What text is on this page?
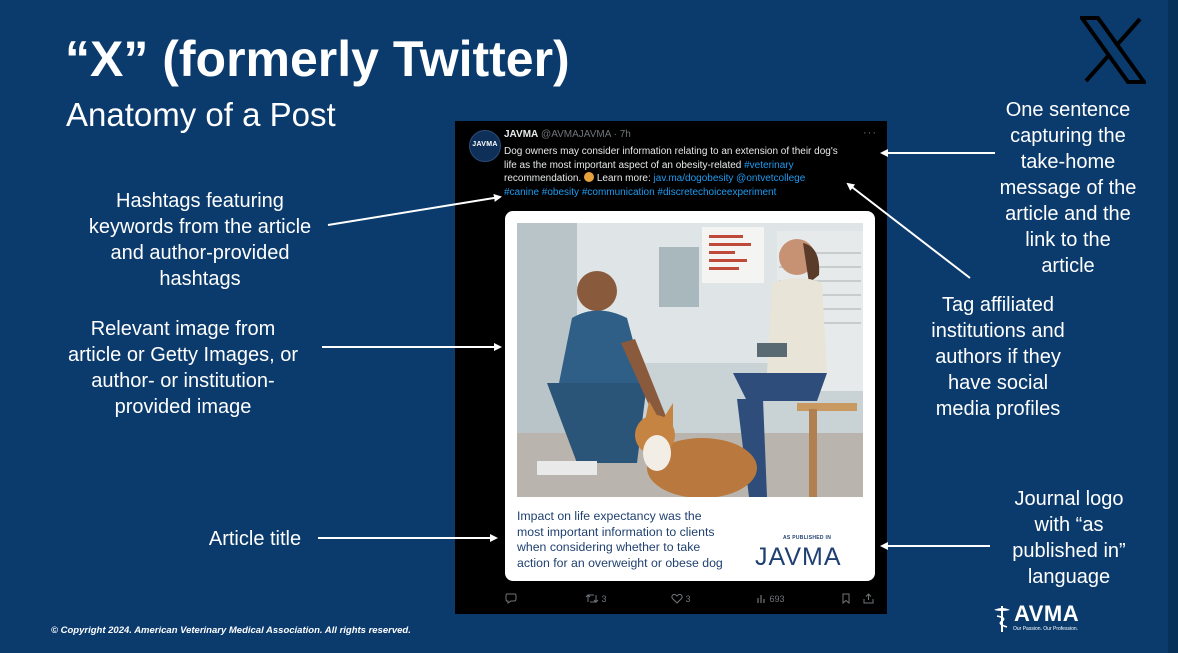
“X” (formerly Twitter)
Anatomy of a Post
Hashtags featuring
keywords from the article
and author-provided
hashtags
Relevant image from
article or Getty Images, or
author- or institution-
provided image
Article title
One sentence
capturing the
take-home
message of the
article and the
link to the
article
Tag affiliated
institutions and
authors if they
have social
media profiles
Journal logo
with “as
published in”
language
JAVMA
JAVMA @AVMAJAVMA · 7h	···
Dog owners may consider information relating to an extension of their dog's
life as the most important aspect of an obesity-related #veterinary
recommendation.  Learn more: jav.ma/dogobesity @ontvetcollege
#canine #obesity #communication #discretechoiceexperiment
Impact on life expectancy was the
most important information to clients
when considering whether to take
action for an overweight or obese dog
AS PUBLISHED IN
JAVMA
3	3	693
© Copyright 2024. American Veterinary Medical Association. All rights reserved.
AVMA
Our Passion. Our Profession.
